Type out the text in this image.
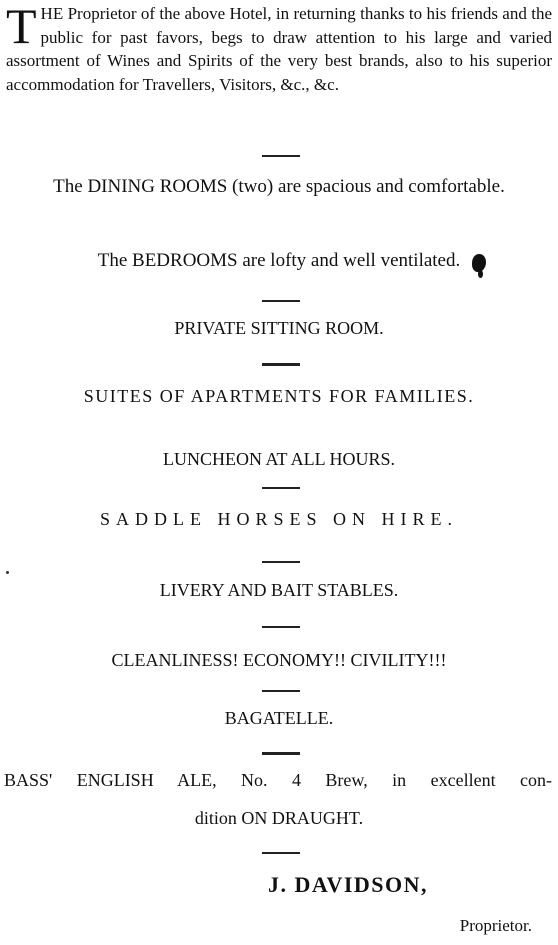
THE Proprietor of the above Hotel, in returning thanks to his friends and the public for past favors, begs to draw attention to his large and varied assortment of Wines and Spirits of the very best brands, also to his superior accommodation for Travellers, Visitors, &c., &c.
The DINING ROOMS (two) are spacious and comfortable.
The BEDROOMS are lofty and well ventilated.
PRIVATE SITTING ROOM.
SUITES OF APARTMENTS FOR FAMILIES.
LUNCHEON AT ALL HOURS.
SADDLE HORSES ON HIRE.
LIVERY AND BAIT STABLES.
CLEANLINESS! ECONOMY!! CIVILITY!!!
BAGATELLE.
BASS' ENGLISH ALE, No. 4 Brew, in excellent con-
dition ON DRAUGHT.
J. DAVIDSON,
Proprietor.
